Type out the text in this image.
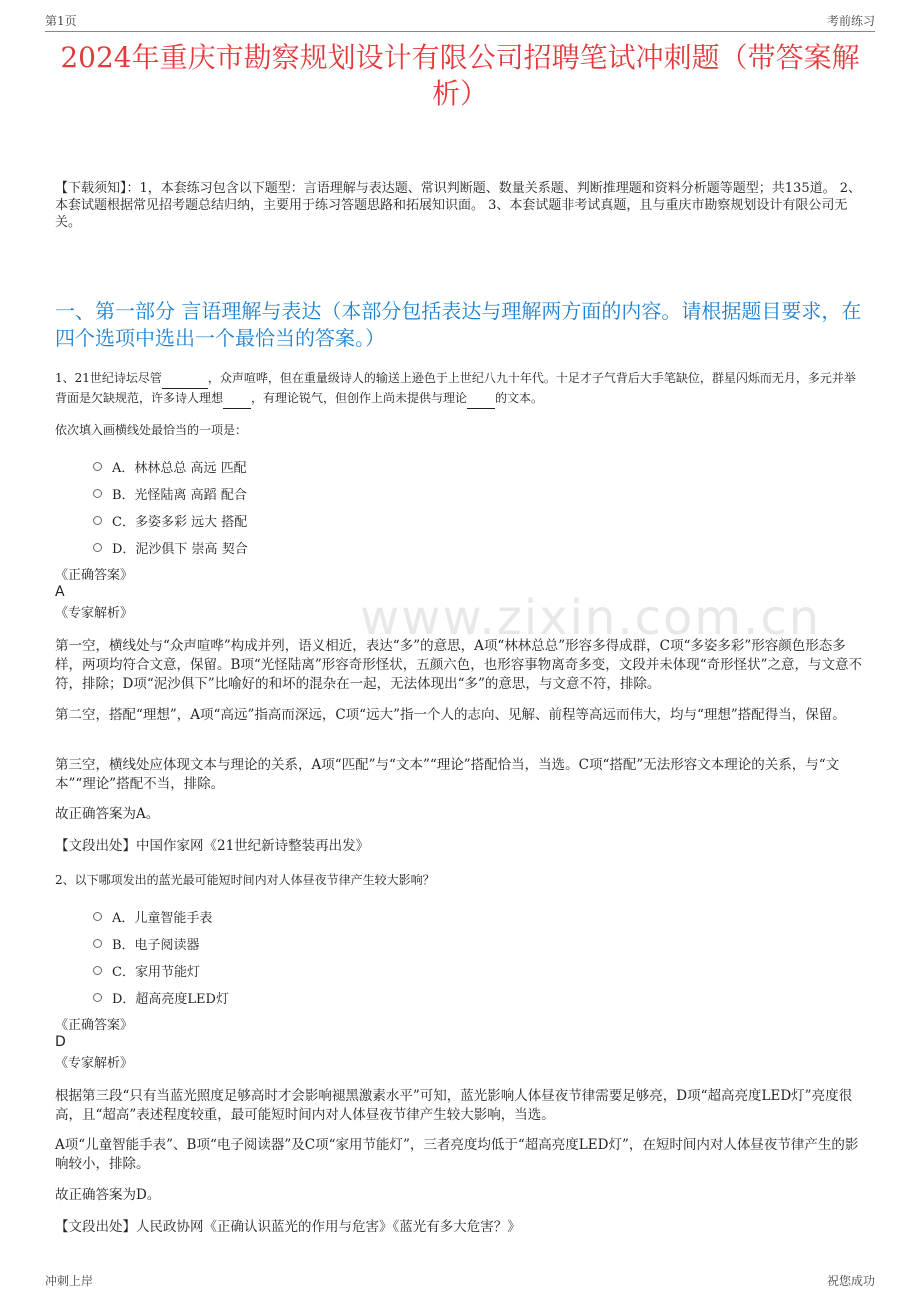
第1页	考前练习
2024年重庆市勘察规划设计有限公司招聘笔试冲刺题（带答案解析）
【下载须知】：1，本套练习包含以下题型：言语理解与表达题、常识判断题、数量关系题、判断推理题和资料分析题等题型；共135道。 2、本套试题根据常见招考题总结归纳，主要用于练习答题思路和拓展知识面。 3、本套试题非考试真题，且与重庆市勘察规划设计有限公司无关。
一、第一部分 言语理解与表达（本部分包括表达与理解两方面的内容。请根据题目要求，在四个选项中选出一个最恰当的答案。）
www.zixin.com.cn
1、21世纪诗坛尽管	，众声喧哗，但在重量级诗人的输送上逊色于上世纪八九十年代。十足才子气背后大手笔缺位，群星闪烁而无月，多元并举背面是欠缺规范，许多诗人理想 ，有理论锐气，但创作上尚未提供与理论 的文本。
依次填入画横线处最恰当的一项是：
A．林林总总 高远 匹配
B．光怪陆离 高蹈 配合
C．多姿多彩 远大 搭配
D．泥沙俱下 崇高 契合
《正确答案》
A
《专家解析》
第一空，横线处与“众声喧哗”构成并列，语义相近，表达“多”的意思，A项“林林总总”形容多得成群，C项“多姿多彩”形容颜色形态多样，两项均符合文意，保留。B项“光怪陆离”形容奇形怪状，五颜六色，也形容事物离奇多变，文段并未体现“奇形怪状”之意，与文意不符，排除；D项“泥沙俱下”比喻好的和坏的混杂在一起，无法体现出“多”的意思，与文意不符，排除。
第二空，搭配“理想”，A项“高远”指高而深远，C项“远大”指一个人的志向、见解、前程等高远而伟大，均与“理想”搭配得当，保留。
第三空，横线处应体现文本与理论的关系，A项“匹配”与“文本”“理论”搭配恰当，当选。C项“搭配”无法形容文本理论的关系，与“文本”“理论”搭配不当，排除。
故正确答案为A。
【文段出处】中国作家网《21世纪新诗整装再出发》
2、以下哪项发出的蓝光最可能短时间内对人体昼夜节律产生较大影响？
A．儿童智能手表
B．电子阅读器
C．家用节能灯
D．超高亮度LED灯
《正确答案》
D
《专家解析》
根据第三段“只有当蓝光照度足够高时才会影响褪黑激素水平”可知，蓝光影响人体昼夜节律需要足够亮，D项“超高亮度LED灯”亮度很高，且“超高”表述程度较重，最可能短时间内对人体昼夜节律产生较大影响，当选。
A项“儿童智能手表”、B项“电子阅读器”及C项“家用节能灯”，三者亮度均低于“超高亮度LED灯”，在短时间内对人体昼夜节律产生的影响较小，排除。
故正确答案为D。
【文段出处】人民政协网《正确认识蓝光的作用与危害》《蓝光有多大危害？》
冲刺上岸	祝您成功
